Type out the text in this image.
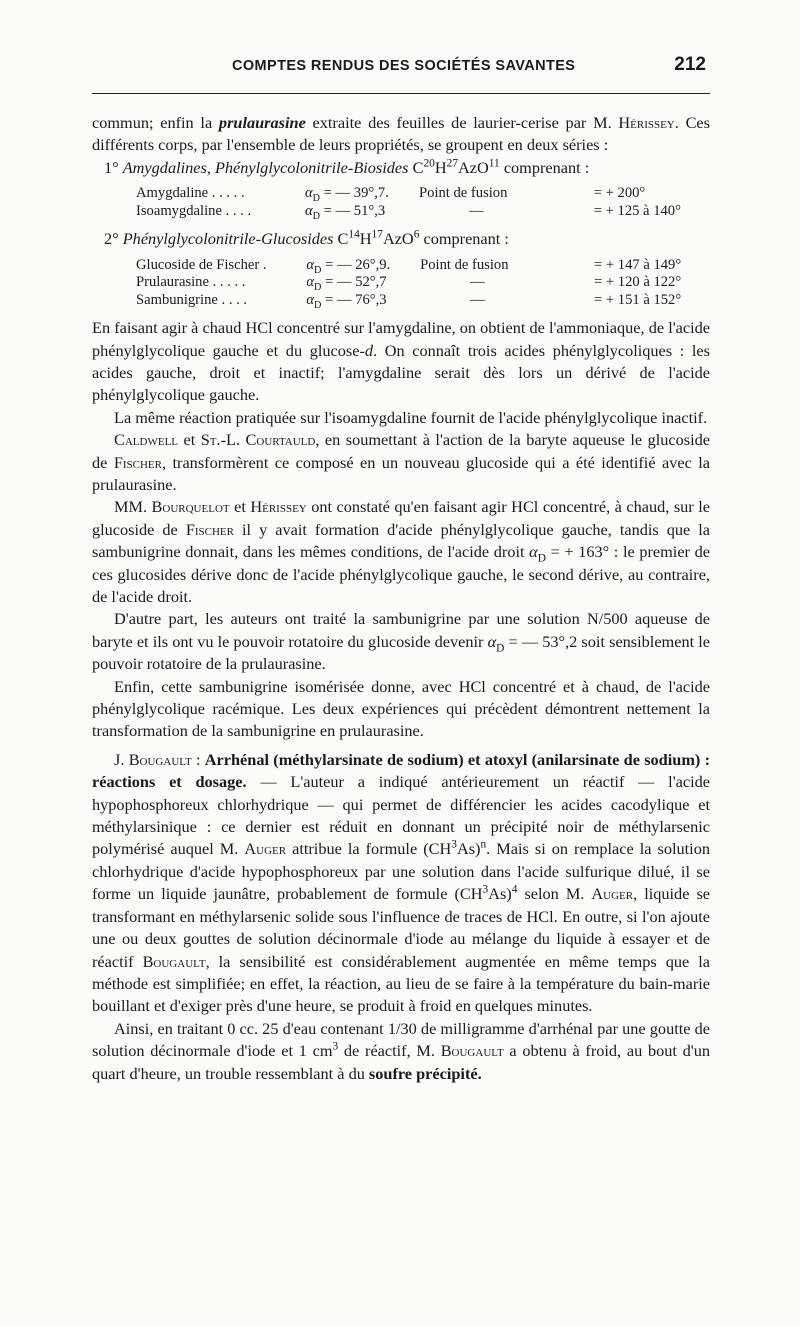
COMPTES RENDUS DES SOCIÉTÉS SAVANTES	212

commun; enfin la prulaurasine extraite des feuilles de laurier-cerise par M. Hérissey. Ces différents corps, par l'ensemble de leurs propriétés, se groupent en deux séries :

1° Amygdalines, Phénylglycolonitrile-Biosides $C^{20}H^{27}AzO^{11}$ comprenant :

Amygdaline . . . . .	$\alpha_D$ = — 39°,7.	Point de fusion	= + 200°
Isoamygdaline . . . .	$\alpha_D$ = — 51°,3	—	= + 125 à 140°

2° Phénylglycolonitrile-Glucosides $C^{14}H^{17}AzO^6$ comprenant :

Glucoside de Fischer .	$\alpha_D$ = — 26°,9.	Point de fusion	= + 147 à 149°
Prulaurasine . . . . .	$\alpha_D$ = — 52°,7	—	= + 120 à 122°
Sambunigrine . . . .	$\alpha_D$ = — 76°,3	—	= + 151 à 152°

En faisant agir à chaud HCl concentré sur l'amygdaline, on obtient de l'ammoniaque, de l'acide phénylglycolique gauche et du glucose-d. On connaît trois acides phénylglycoliques : les acides gauche, droit et inactif; l'amygdaline serait dès lors un dérivé de l'acide phénylglycolique gauche.

La même réaction pratiquée sur l'isoamygdaline fournit de l'acide phénylglycolique inactif.

Caldwell et St.-L. Courtauld, en soumettant à l'action de la baryte aqueuse le glucoside de Fischer, transformèrent ce composé en un nouveau glucoside qui a été identifié avec la prulaurasine.

MM. Bourquelot et Hérissey ont constaté qu'en faisant agir HCl concentré, à chaud, sur le glucoside de Fischer il y avait formation d'acide phénylglycolique gauche, tandis que la sambunigrine donnait, dans les mêmes conditions, de l'acide droit $\alpha_D$ = + 163° : le premier de ces glucosides dérive donc de l'acide phénylglycolique gauche, le second dérive, au contraire, de l'acide droit.

D'autre part, les auteurs ont traité la sambunigrine par une solution N/500 aqueuse de baryte et ils ont vu le pouvoir rotatoire du glucoside devenir $\alpha_D$ = — 53°,2 soit sensiblement le pouvoir rotatoire de la prulaurasine.

Enfin, cette sambunigrine isomérisée donne, avec HCl concentré et à chaud, de l'acide phénylglycolique racémique. Les deux expériences qui précèdent démontrent nettement la transformation de la sambunigrine en prulaurasine.

J. Bougault : Arrhénal (méthylarsinate de sodium) et atoxyl (anilarsinate de sodium) : réactions et dosage. — L'auteur a indiqué antérieurement un réactif — l'acide hypophosphoreux chlorhydrique — qui permet de différencier les acides cacodylique et méthylarsinique : ce dernier est réduit en donnant un précipité noir de méthylarsenic polymérisé auquel M. Auger attribue la formule $(CH^3As)^n$. Mais si on remplace la solution chlorhydrique d'acide hypophosphoreux par une solution dans l'acide sulfurique dilué, il se forme un liquide jaunâtre, probablement de formule $(CH^3As)^4$ selon M. Auger, liquide se transformant en méthylarsenic solide sous l'influence de traces de HCl. En outre, si l'on ajoute une ou deux gouttes de solution décinormale d'iode au mélange du liquide à essayer et de réactif Bougault, la sensibilité est considérablement augmentée en même temps que la méthode est simplifiée; en effet, la réaction, au lieu de se faire à la température du bain-marie bouillant et d'exiger près d'une heure, se produit à froid en quelques minutes.

Ainsi, en traitant 0 cc. 25 d'eau contenant 1/30 de milligramme d'arrhénal par une goutte de solution décinormale d'iode et 1 $cm^3$ de réactif, M. Bougault a obtenu à froid, au bout d'un quart d'heure, un trouble ressemblant à du soufre précipité.
